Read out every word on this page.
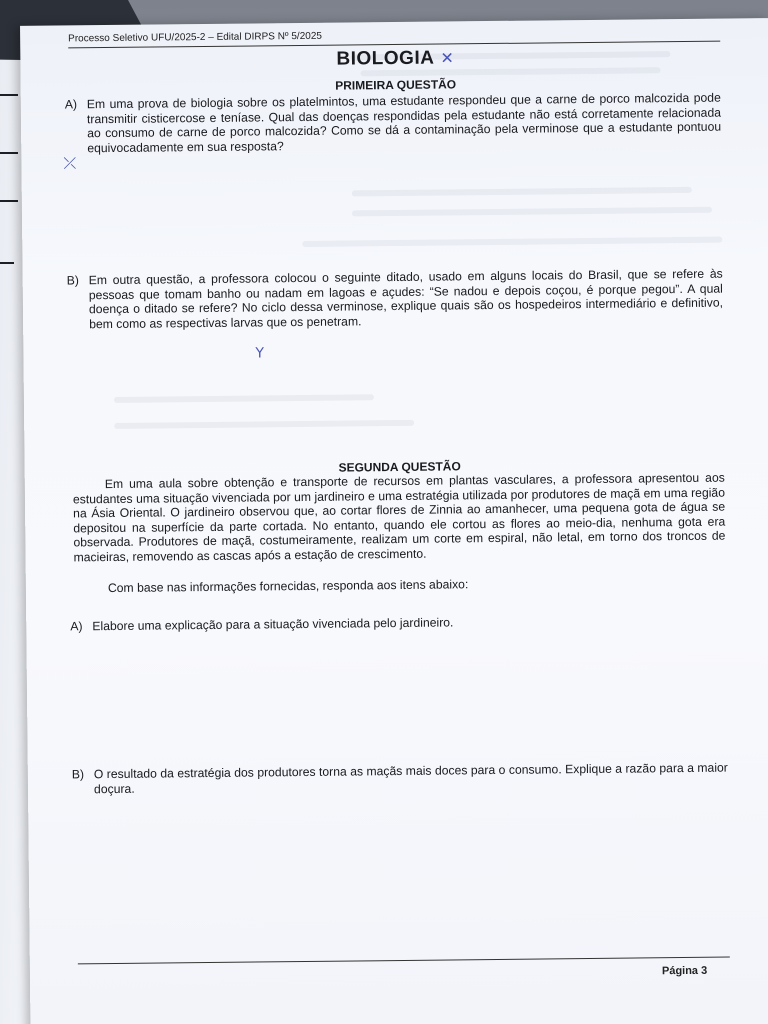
Processo Seletivo UFU/2025-2 – Edital DIRPS Nº 5/2025
BIOLOGIA ✕
PRIMEIRA QUESTÃO
A) Em uma prova de biologia sobre os platelmintos, uma estudante respondeu que a carne de porco malcozida pode transmitir cisticercose e teníase. Qual das doenças respondidas pela estudante não está corretamente relacionada ao consumo de carne de porco malcozida? Como se dá a contaminação pela verminose que a estudante pontuou equivocadamente em sua resposta?
⤫
B) Em outra questão, a professora colocou o seguinte ditado, usado em alguns locais do Brasil, que se refere às pessoas que tomam banho ou nadam em lagoas e açudes: “Se nadou e depois coçou, é porque pegou”. A qual doença o ditado se refere? No ciclo dessa verminose, explique quais são os hospedeiros intermediário e definitivo, bem como as respectivas larvas que os penetram.
Y
SEGUNDA QUESTÃO
Em uma aula sobre obtenção e transporte de recursos em plantas vasculares, a professora apresentou aos estudantes uma situação vivenciada por um jardineiro e uma estratégia utilizada por produtores de maçã em uma região na Ásia Oriental. O jardineiro observou que, ao cortar flores de Zinnia ao amanhecer, uma pequena gota de água se depositou na superfície da parte cortada. No entanto, quando ele cortou as flores ao meio-dia, nenhuma gota era observada. Produtores de maçã, costumeiramente, realizam um corte em espiral, não letal, em torno dos troncos de macieiras, removendo as cascas após a estação de crescimento.
Com base nas informações fornecidas, responda aos itens abaixo:
A) Elabore uma explicação para a situação vivenciada pelo jardineiro.
B) O resultado da estratégia dos produtores torna as maçãs mais doces para o consumo. Explique a razão para a maior doçura.
Página 3
